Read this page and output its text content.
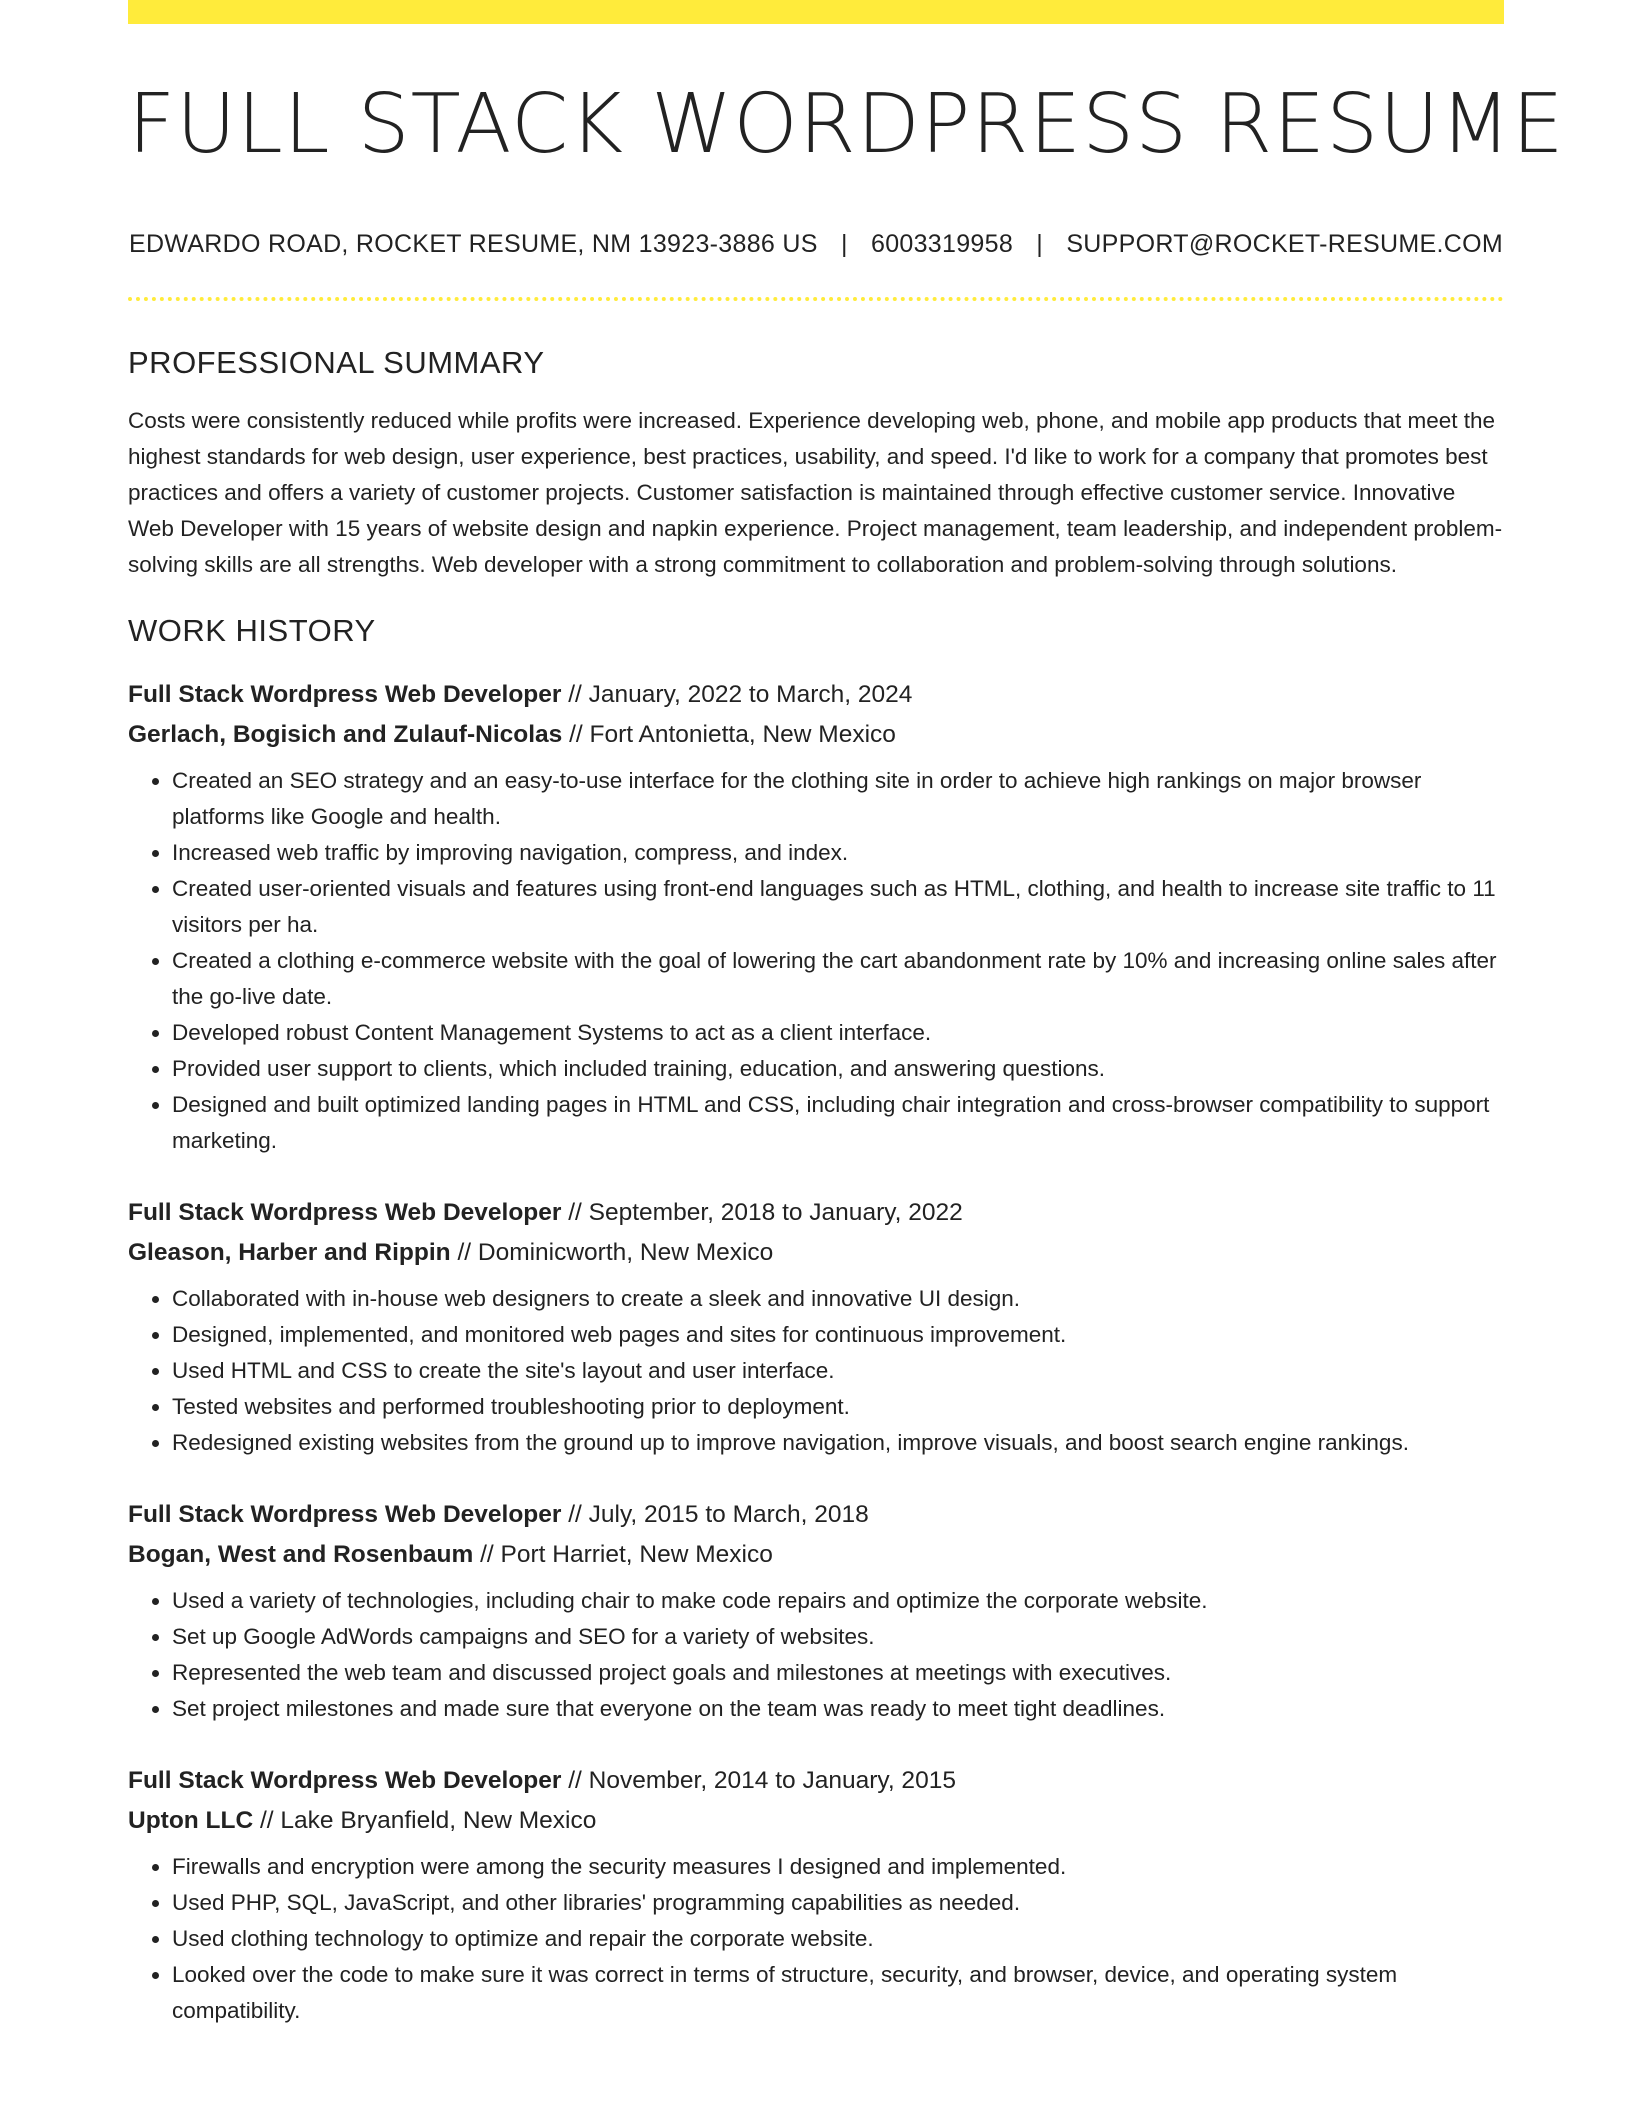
FULL STACK WORDPRESS RESUME
EDWARDO ROAD, ROCKET RESUME, NM 13923-3886 US | 6003319958 | SUPPORT@ROCKET-RESUME.COM
PROFESSIONAL SUMMARY

Costs were consistently reduced while profits were increased. Experience developing web, phone, and mobile app products that meet the highest standards for web design, user experience, best practices, usability, and speed. I'd like to work for a company that promotes best practices and offers a variety of customer projects. Customer satisfaction is maintained through effective customer service. Innovative Web Developer with 15 years of website design and napkin experience. Project management, team leadership, and independent problem-solving skills are all strengths. Web developer with a strong commitment to collaboration and problem-solving through solutions.

WORK HISTORY
Full Stack Wordpress Web Developer // January, 2022 to March, 2024
Gerlach, Bogisich and Zulauf-Nicolas // Fort Antonietta, New Mexico
• Created an SEO strategy and an easy-to-use interface for the clothing site in order to achieve high rankings on major browser platforms like Google and health.
• Increased web traffic by improving navigation, compress, and index.
• Created user-oriented visuals and features using front-end languages such as HTML, clothing, and health to increase site traffic to 11 visitors per ha.
• Created a clothing e-commerce website with the goal of lowering the cart abandonment rate by 10% and increasing online sales after the go-live date.
• Developed robust Content Management Systems to act as a client interface.
• Provided user support to clients, which included training, education, and answering questions.
• Designed and built optimized landing pages in HTML and CSS, including chair integration and cross-browser compatibility to support marketing.
Full Stack Wordpress Web Developer // September, 2018 to January, 2022
Gleason, Harber and Rippin // Dominicworth, New Mexico
• Collaborated with in-house web designers to create a sleek and innovative UI design.
• Designed, implemented, and monitored web pages and sites for continuous improvement.
• Used HTML and CSS to create the site's layout and user interface.
• Tested websites and performed troubleshooting prior to deployment.
• Redesigned existing websites from the ground up to improve navigation, improve visuals, and boost search engine rankings.
Full Stack Wordpress Web Developer // July, 2015 to March, 2018
Bogan, West and Rosenbaum // Port Harriet, New Mexico
• Used a variety of technologies, including chair to make code repairs and optimize the corporate website.
• Set up Google AdWords campaigns and SEO for a variety of websites.
• Represented the web team and discussed project goals and milestones at meetings with executives.
• Set project milestones and made sure that everyone on the team was ready to meet tight deadlines.
Full Stack Wordpress Web Developer // November, 2014 to January, 2015
Upton LLC // Lake Bryanfield, New Mexico
• Firewalls and encryption were among the security measures I designed and implemented.
• Used PHP, SQL, JavaScript, and other libraries' programming capabilities as needed.
• Used clothing technology to optimize and repair the corporate website.
• Looked over the code to make sure it was correct in terms of structure, security, and browser, device, and operating system compatibility.
